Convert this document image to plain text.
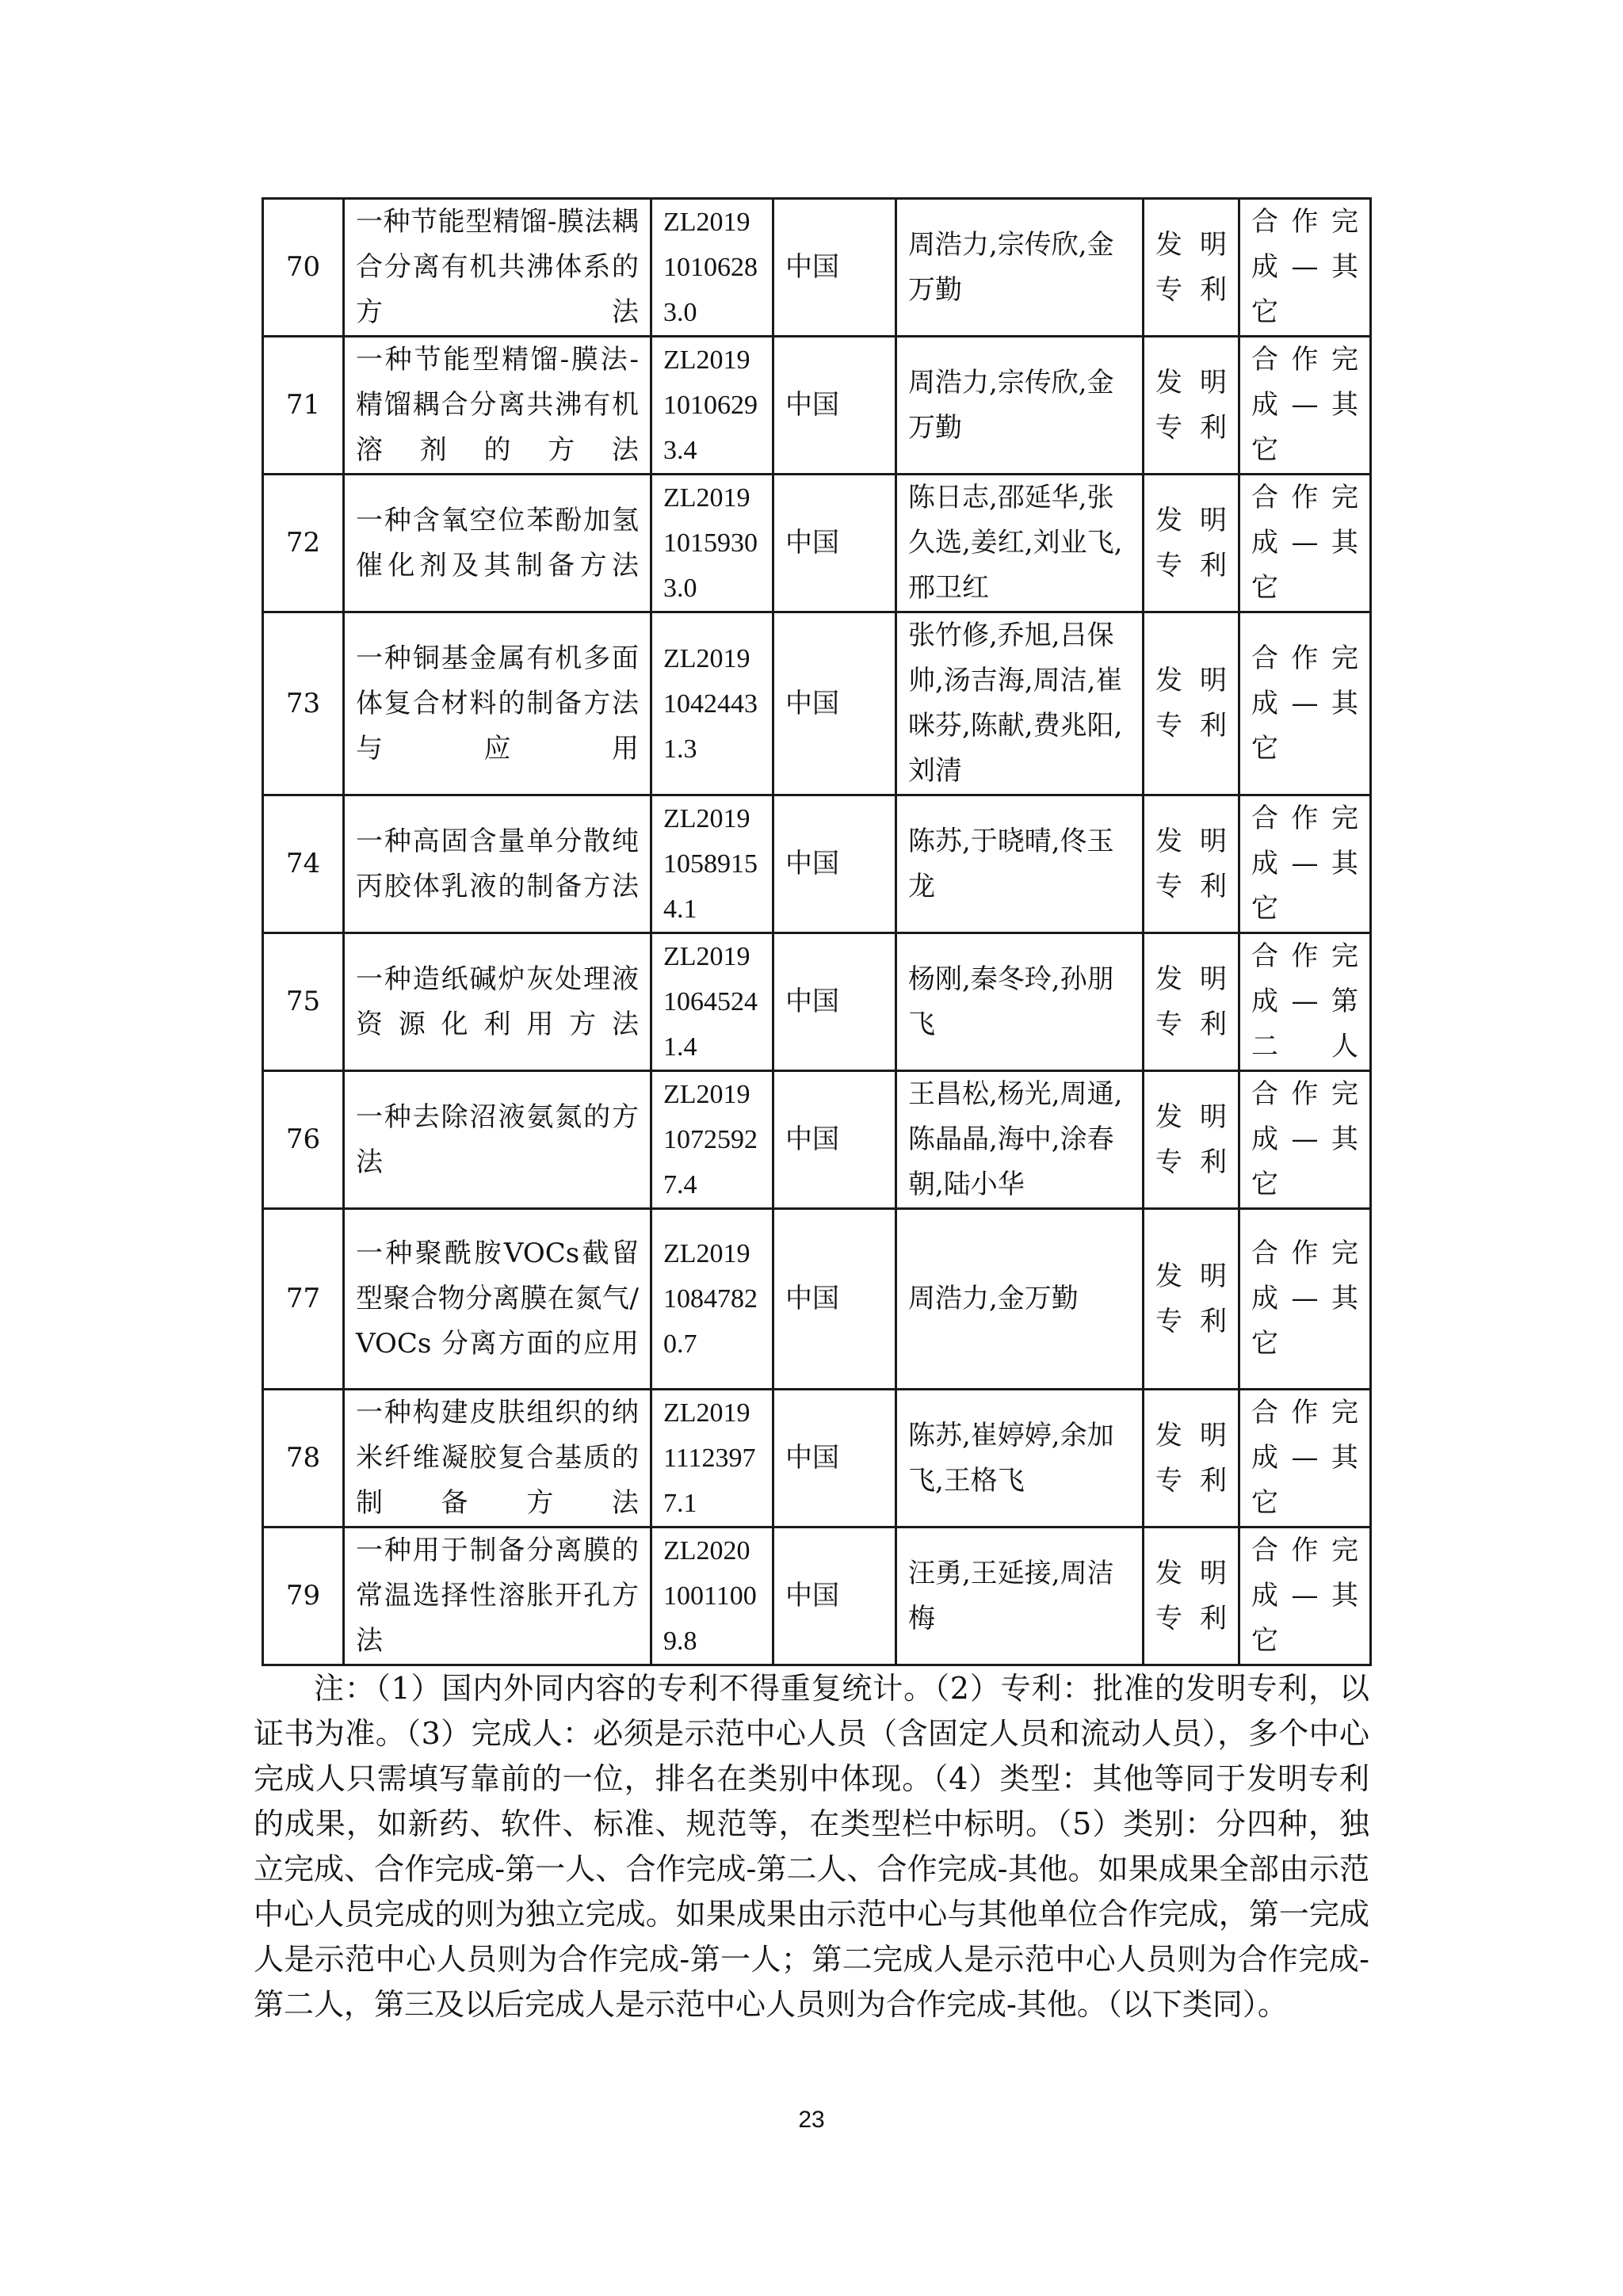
70	一种节能型精馏-膜法耦合分离有机共沸体系的方法	ZL201910106283.0	中国	周浩力,宗传欣,金万勤	发明专利	合作完成—其它
71	一种节能型精馏-膜法-精馏耦合分离共沸有机溶剂的方法	ZL201910106293.4	中国	周浩力,宗传欣,金万勤	发明专利	合作完成—其它
72	一种含氧空位苯酚加氢催化剂及其制备方法	ZL201910159303.0	中国	陈日志,邵延华,张久选,姜红,刘业飞,邢卫红	发明专利	合作完成—其它
73	一种铜基金属有机多面体复合材料的制备方法与应用	ZL201910424431.3	中国	张竹修,乔旭,吕保帅,汤吉海,周洁,崔咪芬,陈献,费兆阳,刘清	发明专利	合作完成—其它
74	一种高固含量单分散纯丙胶体乳液的制备方法	ZL201910589154.1	中国	陈苏,于晓晴,佟玉龙	发明专利	合作完成—其它
75	一种造纸碱炉灰处理液资源化利用方法	ZL201910645241.4	中国	杨刚,秦冬玲,孙朋飞	发明专利	合作完成—第二人
76	一种去除沼液氨氮的方法	ZL201910725927.4	中国	王昌松,杨光,周通,陈晶晶,海中,涂春朝,陆小华	发明专利	合作完成—其它
77	一种聚酰胺VOCs截留型聚合物分离膜在氮气/VOCs 分离方面的应用	ZL201910847820.7	中国	周浩力,金万勤	发明专利	合作完成—其它
78	一种构建皮肤组织的纳米纤维凝胶复合基质的制备方法	ZL201911123977.1	中国	陈苏,崔婷婷,余加飞,王格飞	发明专利	合作完成—其它
79	一种用于制备分离膜的常温选择性溶胀开孔方法	ZL202010011009.8	中国	汪勇,王延接,周洁梅	发明专利	合作完成—其它

注：（1）国内外同内容的专利不得重复统计。（2）专利：批准的发明专利，以证书为准。（3）完成人：必须是示范中心人员（含固定人员和流动人员），多个中心完成人只需填写靠前的一位，排名在类别中体现。（4）类型：其他等同于发明专利的成果，如新药、软件、标准、规范等，在类型栏中标明。（5）类别：分四种，独立完成、合作完成-第一人、合作完成-第二人、合作完成-其他。如果成果全部由示范中心人员完成的则为独立完成。如果成果由示范中心与其他单位合作完成，第一完成人是示范中心人员则为合作完成-第一人；第二完成人是示范中心人员则为合作完成-第二人，第三及以后完成人是示范中心人员则为合作完成-其他。（以下类同）。

23
